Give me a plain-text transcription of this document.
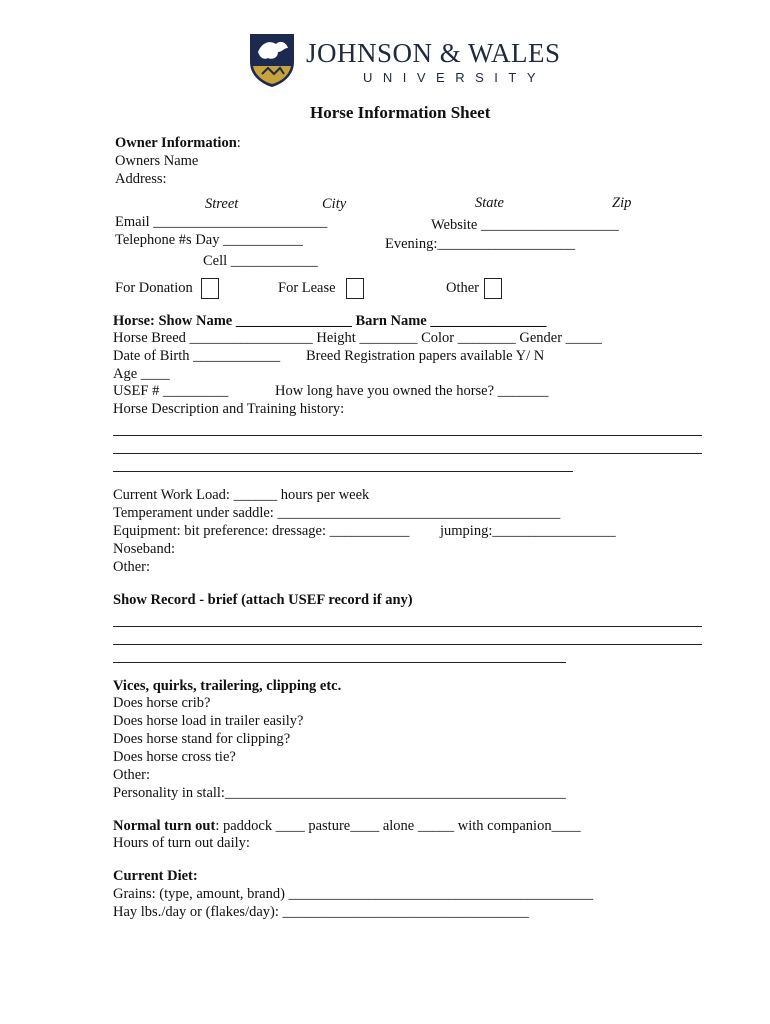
JOHNSON & WALES
UNIVERSITY
Horse Information Sheet
Owner Information:
Owners Name
Address:
Street	City	State	Zip
Email ________________________	Website ___________________
Telephone #s Day ___________	Evening:___________________
Cell ____________
For Donation	For Lease	Other
Horse: Show Name ________________ Barn Name ________________
Horse Breed _________________ Height ________ Color ________ Gender _____
Date of Birth ____________ Breed Registration papers available Y/ N
Age ____
USEF # _________	How long have you owned the horse? _______
Horse Description and Training history:
Current Work Load: ______ hours per week
Temperament under saddle: _______________________________________
Equipment: bit preference: dressage: ___________ jumping:_________________
Noseband:
Other:
Show Record - brief (attach USEF record if any)
Vices, quirks, trailering, clipping etc.
Does horse crib?
Does horse load in trailer easily?
Does horse stand for clipping?
Does horse cross tie?
Other:
Personality in stall:_______________________________________________
Normal turn out: paddock ____ pasture____ alone _____ with companion____
Hours of turn out daily:
Current Diet:
Grains: (type, amount, brand) __________________________________________
Hay lbs./day or (flakes/day): __________________________________
